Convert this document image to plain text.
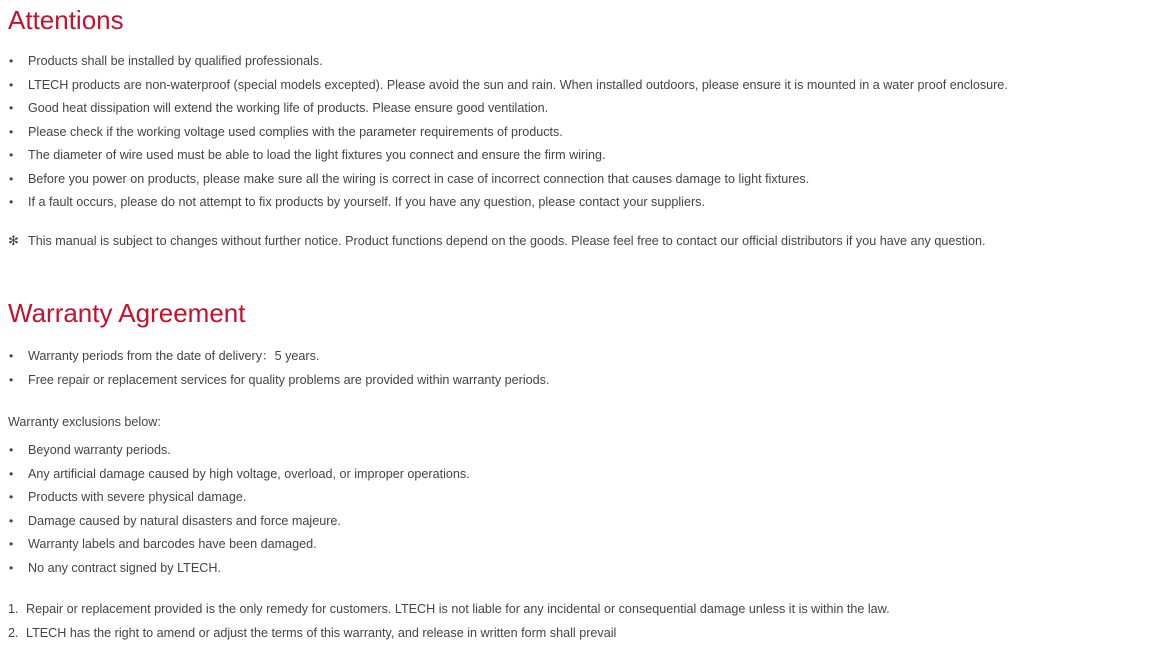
Attentions
• Products shall be installed by qualified professionals.
• LTECH products are non-waterproof (special models excepted). Please avoid the sun and rain. When installed outdoors, please ensure it is mounted in a water proof enclosure.
• Good heat dissipation will extend the working life of products. Please ensure good ventilation.
• Please check if the working voltage used complies with the parameter requirements of products.
• The diameter of wire used must be able to load the light fixtures you connect and ensure the firm wiring.
• Before you power on products, please make sure all the wiring is correct in case of incorrect connection that causes damage to light fixtures.
• If a fault occurs, please do not attempt to fix products by yourself. If you have any question, please contact your suppliers.
✻ This manual is subject to changes without further notice. Product functions depend on the goods. Please feel free to contact our official distributors if you have any question.
Warranty Agreement
• Warranty periods from the date of delivery：5 years.
• Free repair or replacement services for quality problems are provided within warranty periods.

Warranty exclusions below:

• Beyond warranty periods.
• Any artificial damage caused by high voltage, overload, or improper operations.
• Products with severe physical damage.
• Damage caused by natural disasters and force majeure.
• Warranty labels and barcodes have been damaged.
• No any contract signed by LTECH.
1. Repair or replacement provided is the only remedy for customers. LTECH is not liable for any incidental or consequential damage unless it is within the law.
2. LTECH has the right to amend or adjust the terms of this warranty, and release in written form shall prevail
